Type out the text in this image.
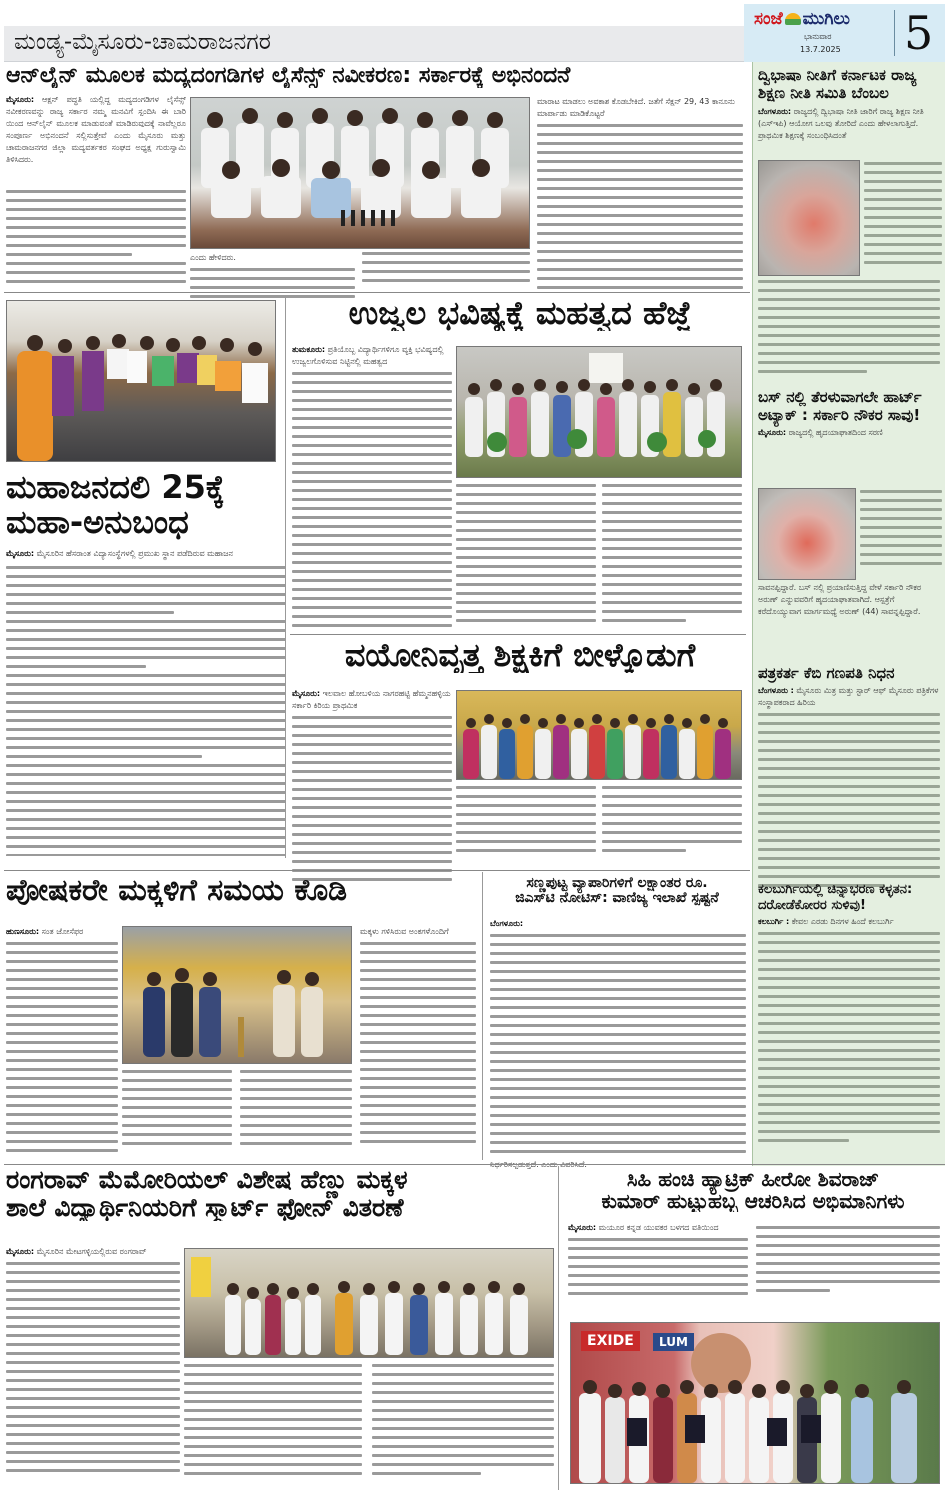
ಮಂಡ್ಯ-ಮೈಸೂರು-ಚಾಮರಾಜನಗರ
ಸಂಜೆ ಮುಗಿಲು
ಭಾನುವಾರ
13.7.2025 5
ಆನ್‌ಲೈನ್ ಮೂಲಕ ಮದ್ಯದಂಗಡಿಗಳ ಲೈಸೆನ್ಸ್ ನವೀಕರಣ: ಸರ್ಕಾರಕ್ಕೆ ಅಭಿನಂದನೆ
ಮೈಸೂರು: ಆಕ್ಷನ್ ಪದ್ಧತಿ ಯಲ್ಲಿದ್ದ ಮದ್ಯದಂಗಡಿಗಳ ಲೈಸೆನ್ಸ್ ನವೀಕರಣವನ್ನು ರಾಜ್ಯ ಸರ್ಕಾರ ನಮ್ಮ ಮನವಿಗೆ ಸ್ಪಂದಿಸಿ ಈ ಬಾರಿ ಯಿಂದ ಆನ್‌ಲೈನ್ ಮೂಲಕ ಮಾಡುವಂತೆ ಮಾಡಿರುವುದಕ್ಕೆ ನಾವೆಲ್ಲರೂ ಸಂಪೂರ್ಣ ಅಭಿನಂದನೆ ಸಲ್ಲಿಸುತ್ತೇವೆ ಎಂದು ಮೈಸೂರು ಮತ್ತು ಚಾಮರಾಜನಗರ ಜಿಲ್ಲಾ ಮದ್ಯವರ್ತಕರ ಸಂಘದ ಅಧ್ಯಕ್ಷ ಗುರುಸ್ವಾಮಿ ತಿಳಿಸಿದರು.
ಎಂದು ಹೇಳಿದರು.
ಮಾರಾಟ ಮಾಡಲು ಅವಕಾಶ ಕೊಡಬೇಕಿದೆ. ಜತೆಗೆ ಸೆಕ್ಷನ್ 29, 43 ಕಾನೂನು ಮಾರ್ಪಾಡು ಮಾಡಿಕೊಟ್ಟರೆ
ಮಹಾಜನದಲಿ 25ಕ್ಕೆ
ಮಹಾ-ಅನುಬಂಧ
ಮೈಸೂರು: ಮೈಸೂರಿನ ಹೆಸರಾಂತ ವಿದ್ಯಾಸಂಸ್ಥೆಗಳಲ್ಲಿ ಪ್ರಮುಖ ಸ್ಥಾನ ಪಡೆದಿರುವ ಮಹಾಜನ
ಉಜ್ವಲ ಭವಿಷ್ಯಕ್ಕೆ ಮಹತ್ವದ ಹೆಜ್ಜೆ
ತುಮಕೂರು: ಪ್ರತಿಯೊಬ್ಬ ವಿದ್ಯಾರ್ಥಿಗಳಿಗೂ ವ್ಯಕ್ತಿ ಭವಿಷ್ಯದಲ್ಲಿ ಉಜ್ವಲಗೊಳಿಸುವ ನಿಟ್ಟಿನಲ್ಲಿ ಮಹತ್ವದ
ವಯೋನಿವೃತ್ತ ಶಿಕ್ಷಕಿಗೆ ಬೀಳ್ಕೊಡುಗೆ
ಮೈಸೂರು: ಇಲವಾಲ ಹೋಬಳಿಯ ನಾಗರಹಟ್ಟಿ ಹೆಮ್ಮನಹಳ್ಳಿಯ ಸರ್ಕಾರಿ ಕಿರಿಯ ಪ್ರಾಥಮಿಕ
ಪೋಷಕರೇ ಮಕ್ಕಳಿಗೆ ಸಮಯ ಕೊಡಿ
ಹುಣಸೂರು: ಸಂತ ಜೋಸೆಫರ	ಮಕ್ಕಳು ಗಳಿಸಿರುವ ಅಂಕಗಳೊಂದಿಗೆ
ಸಣ್ಣಪುಟ್ಟ ವ್ಯಾಪಾರಿಗಳಿಗೆ ಲಕ್ಷಾಂತರ ರೂ.
ಜಿಎಸ್‌ಟಿ ನೋಟಿಸ್: ವಾಣಿಜ್ಯ ಇಲಾಖೆ ಸ್ಪಷ್ಟನೆ
ಬೆಂಗಳೂರು:
ದ್ವಿಭಾಷಾ ನೀತಿಗೆ ಕರ್ನಾಟಕ ರಾಜ್ಯ ಶಿಕ್ಷಣ ನೀತಿ ಸಮಿತಿ ಬೆಂಬಲ
ಬೆಂಗಳೂರು: ರಾಜ್ಯದಲ್ಲಿ ದ್ವಿಭಾಷಾ ನೀತಿ ಜಾರಿಗೆ ರಾಜ್ಯ ಶಿಕ್ಷಣ ನೀತಿ (ಎಸ್‌ಇಪಿ) ಆಯೋಗ ಒಲವು ತೋರಿದೆ ಎಂದು ಹೇಳಲಾಗುತ್ತಿದೆ. ಪ್ರಾಥಮಿಕ ಶಿಕ್ಷಣಕ್ಕೆ ಸಂಬಂಧಿಸಿದಂತೆ
ಬಸ್ ನಲ್ಲಿ ತೆರಳುವಾಗಲೇ ಹಾರ್ಟ್ ಅಟ್ಯಾಕ್ : ಸರ್ಕಾರಿ ನೌಕರ ಸಾವು!
ಮೈಸೂರು: ರಾಜ್ಯದಲ್ಲಿ ಹೃದಯಾಘಾತದಿಂದ ಸರಣಿ
ಸಾವನಪ್ಪಿದ್ದಾರೆ. ಬಸ್ ನಲ್ಲಿ ಪ್ರಯಾಣಿಸುತ್ತಿದ್ದ ವೇಳೆ ಸರ್ಕಾರಿ ನೌಕರ ಅರುಣ್ ಎನ್ನುವವರಿಗೆ ಹೃದಯಾಘಾತವಾಗಿದೆ. ಆಸ್ಪತ್ರೆಗೆ ಕರೆದೊಯ್ಯುವಾಗ ಮಾರ್ಗಮಧ್ಯೆ ಅರುಣ್ (44) ಸಾವನ್ನಪ್ಪಿದ್ದಾರೆ.
ಪತ್ರಕರ್ತ ಕೆಬಿ ಗಣಪತಿ ನಿಧನ
ಬೆಂಗಳೂರು : ಮೈಸೂರು ಮಿತ್ರ ಮತ್ತು ಸ್ಟಾರ್ ಆಫ್ ಮೈಸೂರು ಪತ್ರಿಕೆಗಳ ಸಂಸ್ಥಾಪಕರಾದ ಹಿರಿಯ
ಕಲಬುರ್ಗಿಯಲ್ಲಿ ಚಿನ್ನಾಭರಣ ಕಳ್ಳತನ: ದರೋಡೆಕೋರರ ಸುಳಿವು!
ಕಲಬುರ್ಗಿ : ಕೇವಲ ಎರಡು ದಿನಗಳ ಹಿಂದೆ ಕಲಬುರ್ಗಿ
ರಂಗರಾವ್ ಮೆಮೋರಿಯಲ್ ವಿಶೇಷ ಹೆಣ್ಣು ಮಕ್ಕಳ
ಶಾಲೆ ವಿದ್ಯಾರ್ಥಿನಿಯರಿಗೆ ಸ್ಮಾರ್ಟ್ ಫೋನ್ ವಿತರಣೆ
ಮೈಸೂರು: ಮೈಸೂರಿನ ಮೇಟಗಳ್ಳಿಯಲ್ಲಿರುವ ರಂಗರಾವ್
ಸಿಹಿ ಹಂಚಿ ಹ್ಯಾಟ್ರಿಕ್ ಹೀರೋ ಶಿವರಾಜ್
ಕುಮಾರ್ ಹುಟ್ಟುಹಬ್ಬ ಆಚರಿಸಿದ ಅಭಿಮಾನಿಗಳು
ಮೈಸೂರು: ಮಯೂರ ಕನ್ನಡ ಯುವಕರ ಬಳಗದ ವತಿಯಿಂದ
EXIDE	LUM
